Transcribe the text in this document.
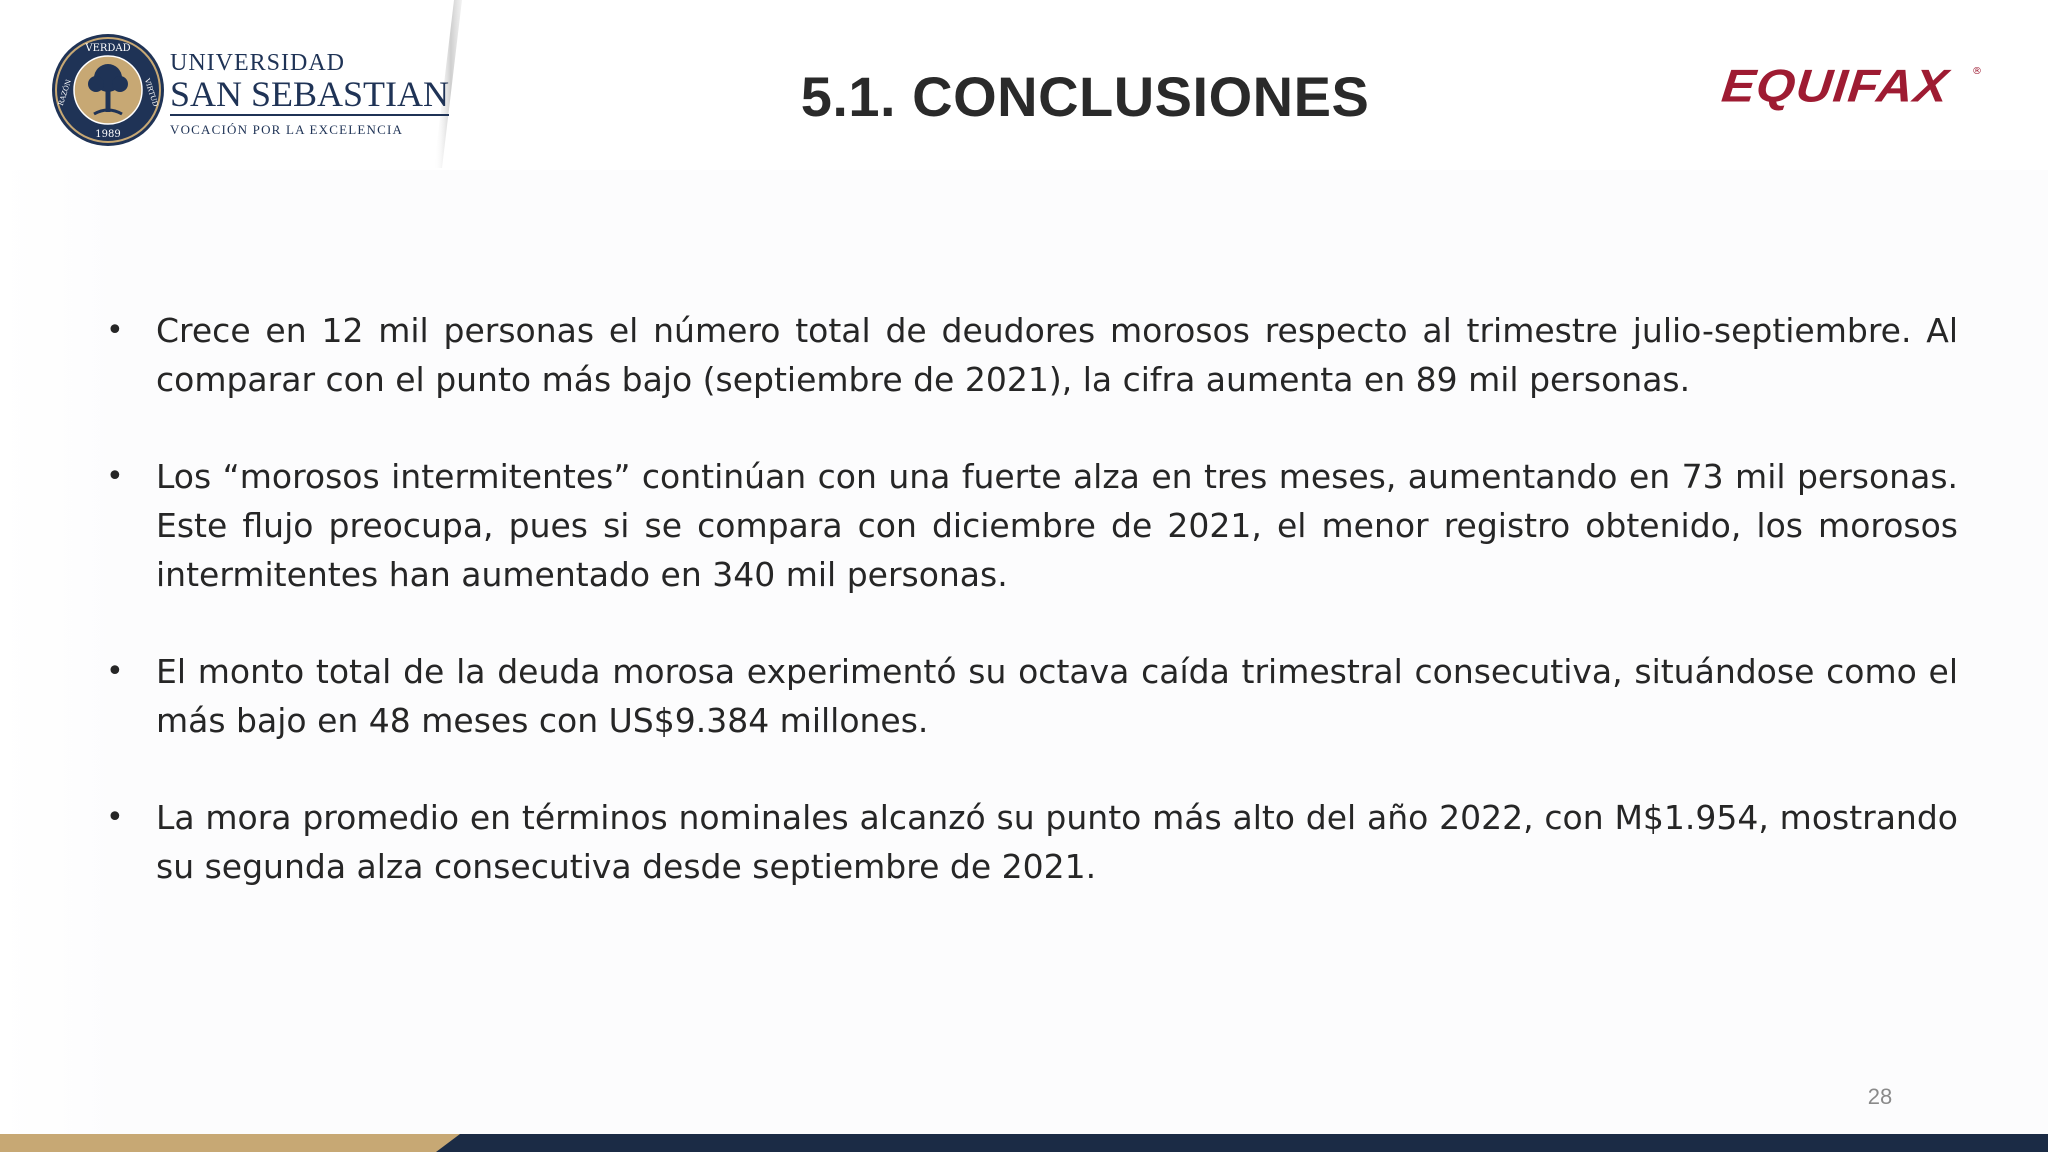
VERDAD
1989
RAZÓN	VIRTUD
UNIVERSIDAD
SAN SEBASTIAN
VOCACIÓN POR LA EXCELENCIA
5.1. CONCLUSIONES	EQUIFAX ®
• Crece en 12 mil personas el número total de deudores morosos respecto al trimestre julio-septiembre. Al comparar con el punto más bajo (septiembre de 2021), la cifra aumenta en 89 mil personas.
• Los “morosos intermitentes” continúan con una fuerte alza en tres meses, aumentando en 73 mil personas. Este flujo preocupa, pues si se compara con diciembre de 2021, el menor registro obtenido, los morosos intermitentes han aumentado en 340 mil personas.
• El monto total de la deuda morosa experimentó su octava caída trimestral consecutiva, situándose como el más bajo en 48 meses con US$9.384 millones.
• La mora promedio en términos nominales alcanzó su punto más alto del año 2022, con M$1.954, mostrando su segunda alza consecutiva desde septiembre de 2021.
28
